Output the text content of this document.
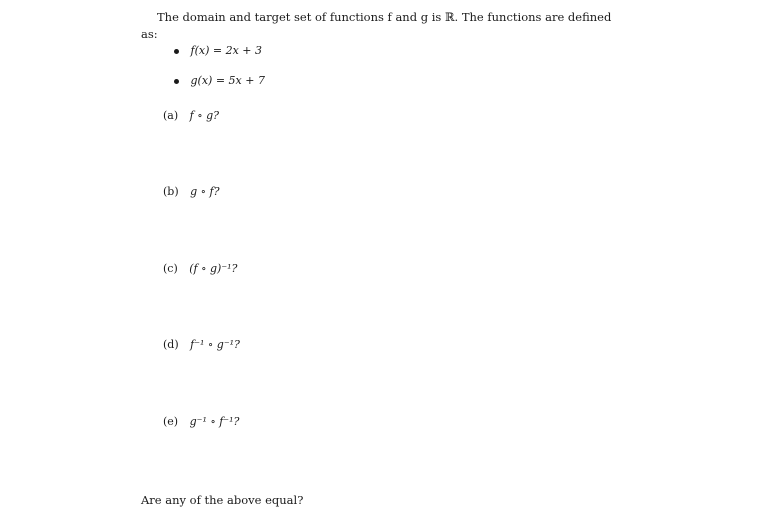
The domain and target set of functions f and g is ℝ. The functions are defined
as:
f(x) = 2x + 3
g(x) = 5x + 7
(a) f ∘ g?
(b) g ∘ f?
(c) (f ∘ g)⁻¹?
(d) f⁻¹ ∘ g⁻¹?
(e) g⁻¹ ∘ f⁻¹?
Are any of the above equal?
